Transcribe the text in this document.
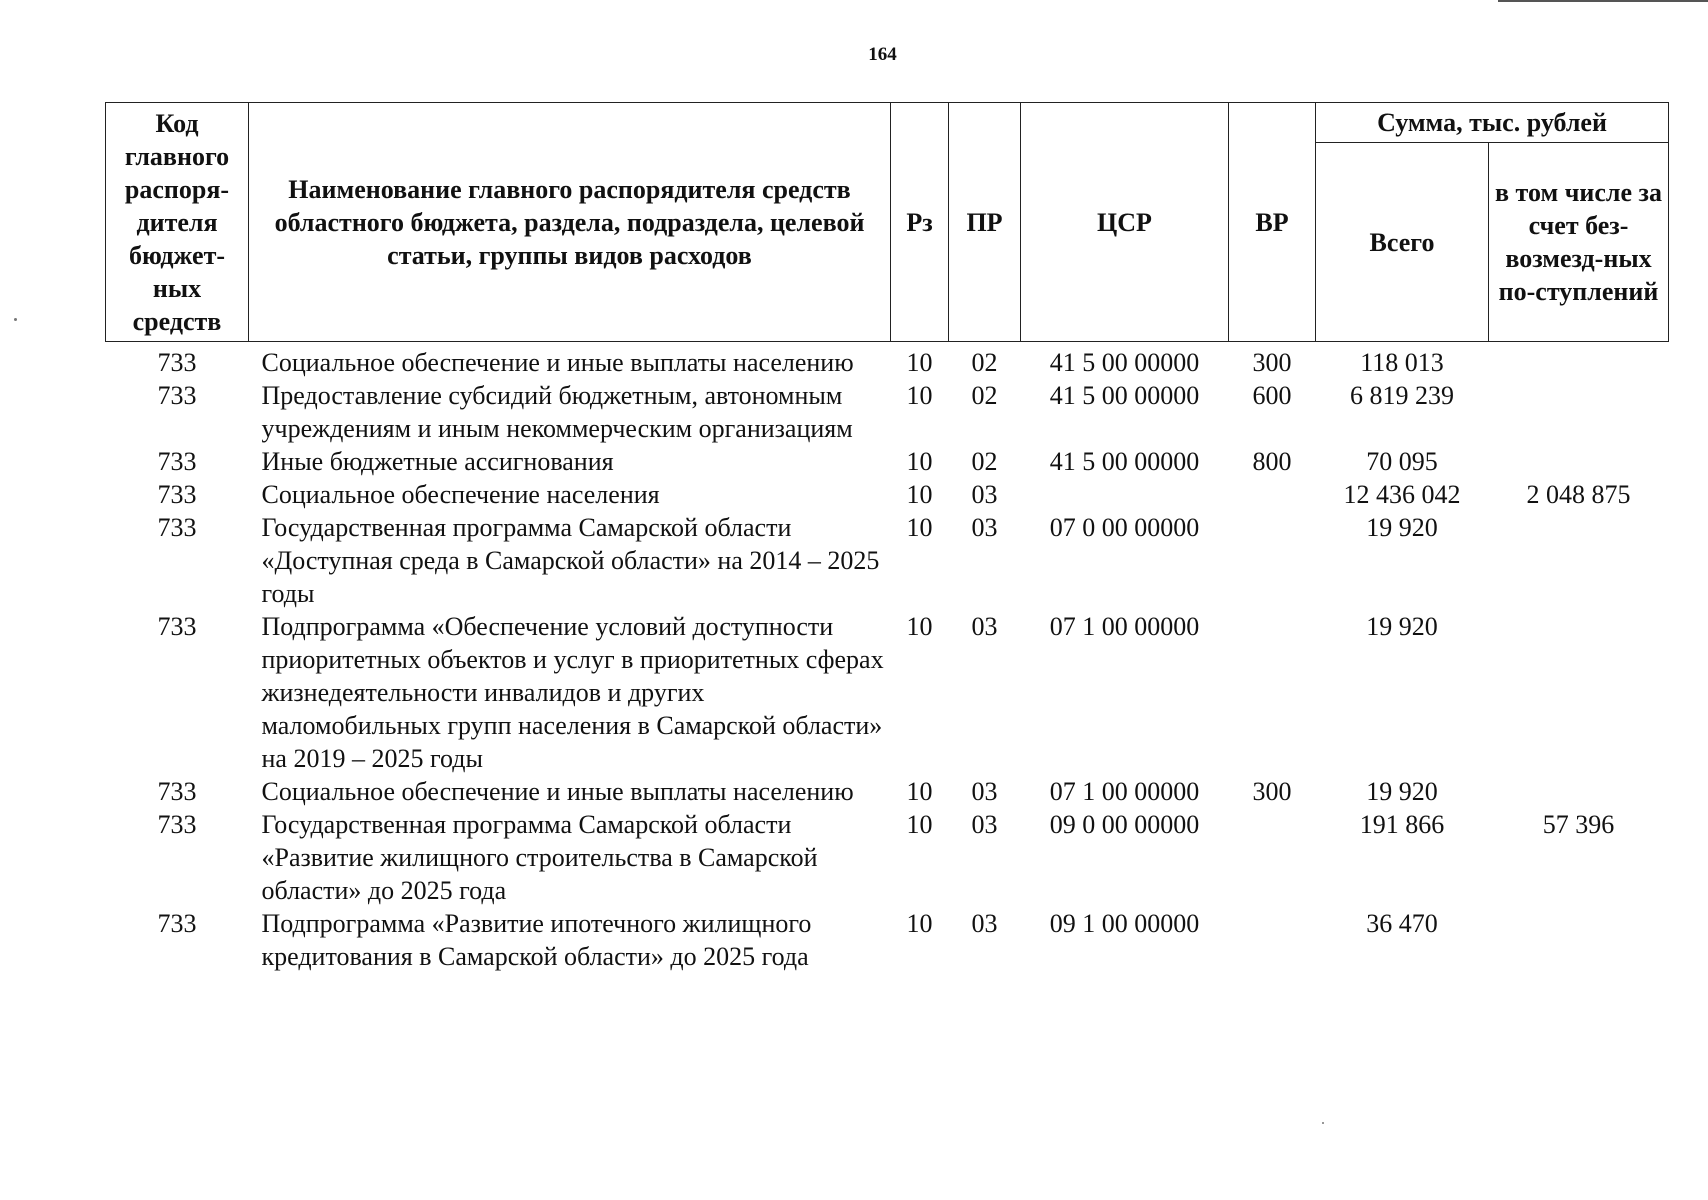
164
Код главного распоря-дителя бюджет-ных средств	Наименование главного распорядителя средств областного бюджета, раздела, подраздела, целевой статьи, группы видов расходов	Рз	ПР	ЦСР	ВР	Сумма, тыс. рублей	
						Всего	в том числе за счет без-возмезд-ных по-ступлений
733	Социальное обеспечение и иные выплаты населению	10	02	41 5 00 00000	300	118 013	
733	Предоставление субсидий бюджетным, автономным учреждениям и иным некоммерческим организациям	10	02	41 5 00 00000	600	6 819 239	
733	Иные бюджетные ассигнования	10	02	41 5 00 00000	800	70 095	
733	Социальное обеспечение населения	10	03			12 436 042	2 048 875
733	Государственная программа Самарской области «Доступная среда в Самарской области» на 2014 – 2025 годы	10	03	07 0 00 00000		19 920	
733	Подпрограмма «Обеспечение условий доступности приоритетных объектов и услуг в приоритетных сферах жизнедеятельности инвалидов и других маломобильных групп населения в Самарской области» на 2019 – 2025 годы	10	03	07 1 00 00000		19 920	
733	Социальное обеспечение и иные выплаты населению	10	03	07 1 00 00000	300	19 920	
733	Государственная программа Самарской области «Развитие жилищного строительства в Самарской области» до 2025 года	10	03	09 0 00 00000		191 866	57 396
733	Подпрограмма «Развитие ипотечного жилищного кредитования в Самарской области» до 2025 года	10	03	09 1 00 00000		36 470	
